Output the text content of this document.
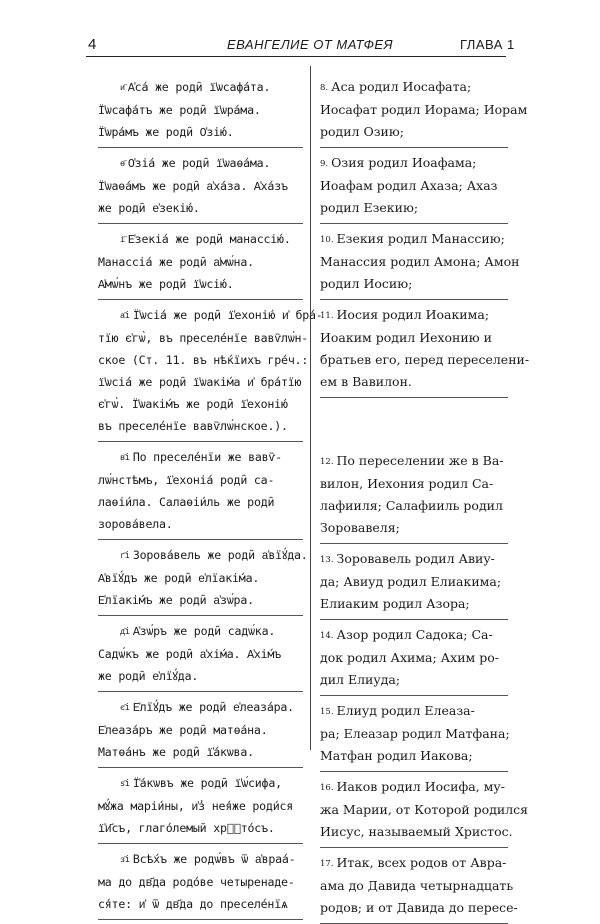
4	ЕВАНГЕЛИЕ ОТ МАТФЕЯ	ГЛАВА 1
и҃ А҆са́ же роди̑ ї҆ѡсафа́та.
Ї҆ѡсафа́тъ же роди̑ ї҆ѡра́ма.
Ї҆ѡра́мъ же роди̑ О҆зі́ю.
ѳ҃ О҆зі́а же роди̑ ї҆ѡаѳа́ма.
Ї҆ѡаѳа́мъ же роди̑ а҆ха́за. А҆ха́зъ
же роди̑ е҆зекі́ю.
і҃ Е҆зекі́а же роди̑ манассі́ю.
Манассі́а же роди̑ а҆мѡ́на.
А҆мѡ́нъ же роди̑ ї҆ѡсі́ю.
а҃і Ї҆ѡсі́а же роди̑ ї҆ехоні́ю и҆ бра́-
тїю є҆гѡ̀, въ преселе́нїе вавѷлѡ́н-
ское (Ст. 11. въ нѣ́кїихъ гре́ч.:
ї҆ѡсі́а же роди̑ ї҆ѡакі́ма и҆ бра́тїю
є҆гѡ̀. Ї҆ѡакі́мъ же роди̑ ї҆ехоні́ю
въ преселе́нїе вавѷлѡ́нское.).
в҃і По преселе́нїи же вавѷ-
лѡ́нстѣмъ, ї҆ехоні́а роди̑ са-
лаѳі́ила. Салаѳі́иль же роди̑
зорова́вела.
г҃і Зорова́вель же роди̑ а҆вїꙋ́да.
А҆вїꙋ́дъ же роди̑ е҆лїакі́ма.
Е҆лїакі́мъ же роди̑ а҆зѡ́ра.
д҃і А҆зѡ́ръ же роди̑ садѡ́ка.
Садѡ́къ же роди̑ а҆хі́ма. А҆хі́мъ
же роди̑ е҆лїꙋ́да.
є҃і Е҆лїꙋ́дъ же роди̑ е҆леаза́ра.
Е҆леаза́ръ же роди̑ матѳа́на.
Матѳа́нъ же роди̑ ї҆а́кѡва.
ѕ҃і Ї҆а́кѡвъ же роди̑ ї҆ѡ́сифа,
мꙋ́жа марі́ины, и҆з̾ нея́же роди́ся
ї҆и҃съ, глаго́лемый хрⷭ҇то́съ.
з҃і Всѣ́хъ же родѡ́въ ѿ а҆враа́-
ма до дв҃да родо́ве четыренаде-
ся́те: и҆ ѿ дв҃да до преселе́нїѧ
8. Аса родил Иосафата;
Иосафат родил Иорама; Иорам
родил Озию;
9. Озия родил Иоафама;
Иоафам родил Ахаза; Ахаз
родил Езекию;
10. Езекия родил Манассию;
Манассия родил Амона; Амон
родил Иосию;
11. Иосия родил Иоакима;
Иоаким родил Иехонию и
братьев его, перед переселени-
ем в Вавилон.
12. По переселении же в Ва-
вилон, Иехония родил Са-
лафииля; Салафииль родил
Зоровавеля;
13. Зоровавель родил Авиу-
да; Авиуд родил Елиакима;
Елиаким родил Азора;
14. Азор родил Садока; Са-
док родил Ахима; Ахим ро-
дил Елиуда;
15. Елиуд родил Елеаза-
ра; Елеазар родил Матфана;
Матфан родил Иакова;
16. Иаков родил Иосифа, му-
жа Марии, от Которой родился
Иисус, называемый Христос.
17. Итак, всех родов от Авра-
ама до Давида четырнадцать
родов; и от Давида до пересе-
